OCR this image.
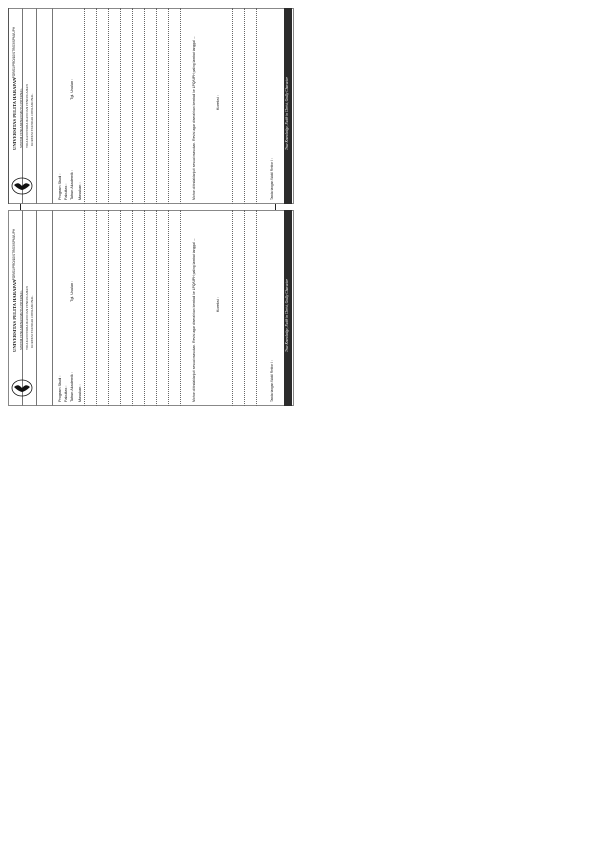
: FOR/01/PRO/10/STR/03/SPMI/UPH
UNIVERSITAS PELITA HARAPAN SISTEM PENJAMINAN MUTU INTERNAL TIDAKAN PERBAIKAN DAN PENCEGAHAN KOREKSI STANDAR OPERASIONAL
Program Studi : Fakultas : Tahun Akademik :
Tgl. Usulan :
Masukan :	Mohon ditindaklanjuti sesuai masukan. Revisi agar diserahkan kembali ke LPQ/UPH paling lambat tanggal ...	Koreksi :
Tanda tangan Wakil Rektor I :
True Knowledge, Faith in Christ, Godly Character
: FOR/01/PRO/10/STR/03/SPMI/UPH
UNIVERSITAS PELITA HARAPAN SISTEM PENJAMINAN MUTU INTERNAL TIDAKAN PERBAIKAN DAN PENCEGAHAN KOREKSI STANDAR OPERASIONAL
Program Studi : Fakultas : Tahun Akademik :
Tgl. Usulan :
Masukan :	Mohon ditindaklanjuti sesuai masukan. Revisi agar diserahkan kembali ke LPQ/UPH paling lambat tanggal ...	Koreksi :
Tanda tangan Wakil Rektor I :
True Knowledge, Faith in Christ, Godly Character
